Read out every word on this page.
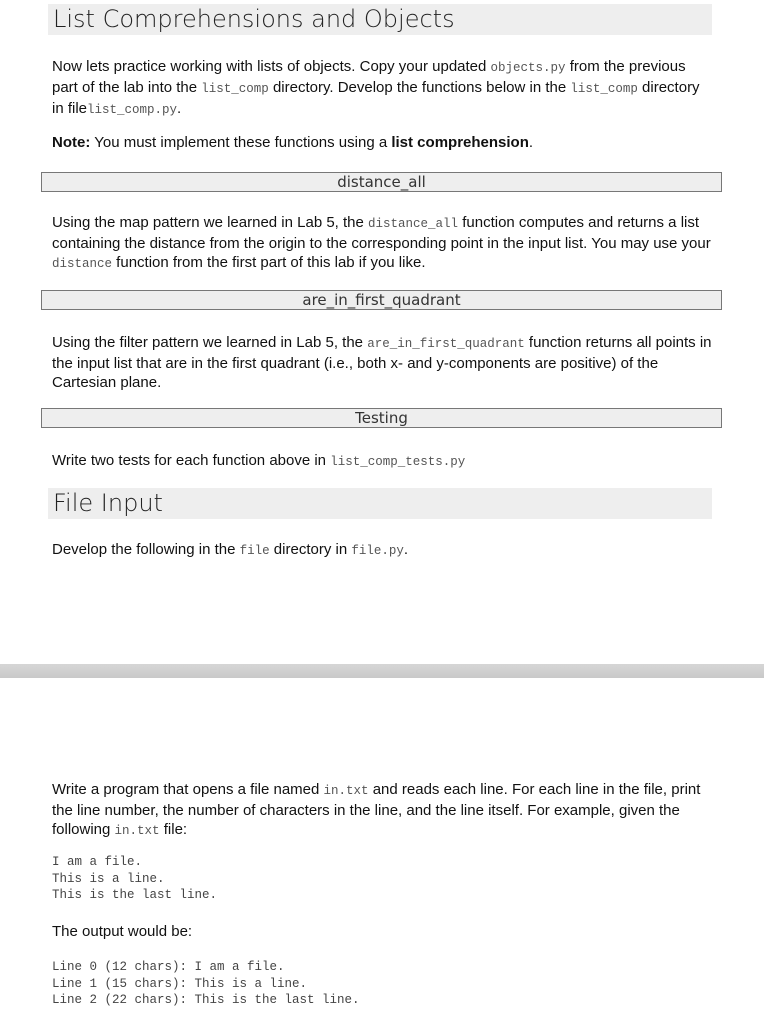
List Comprehensions and Objects

Now lets practice working with lists of objects. Copy your updated objects.py from the previous part of the lab into the list_comp directory. Develop the functions below in the list_comp directory in filelist_comp.py.

Note: You must implement these functions using a list comprehension.

distance_all

Using the map pattern we learned in Lab 5, the distance_all function computes and returns a list containing the distance from the origin to the corresponding point in the input list. You may use your distance function from the first part of this lab if you like.

are_in_first_quadrant

Using the filter pattern we learned in Lab 5, the are_in_first_quadrant function returns all points in the input list that are in the first quadrant (i.e., both x- and y-components are positive) of the Cartesian plane.

Testing

Write two tests for each function above in list_comp_tests.py

File Input

Develop the following in the file directory in file.py.

Write a program that opens a file named in.txt and reads each line. For each line in the file, print the line number, the number of characters in the line, and the line itself. For example, given the following in.txt file:

I am a file.
This is a line.
This is the last line.

The output would be:

Line 0 (12 chars): I am a file.
Line 1 (15 chars): This is a line.
Line 2 (22 chars): This is the last line.
